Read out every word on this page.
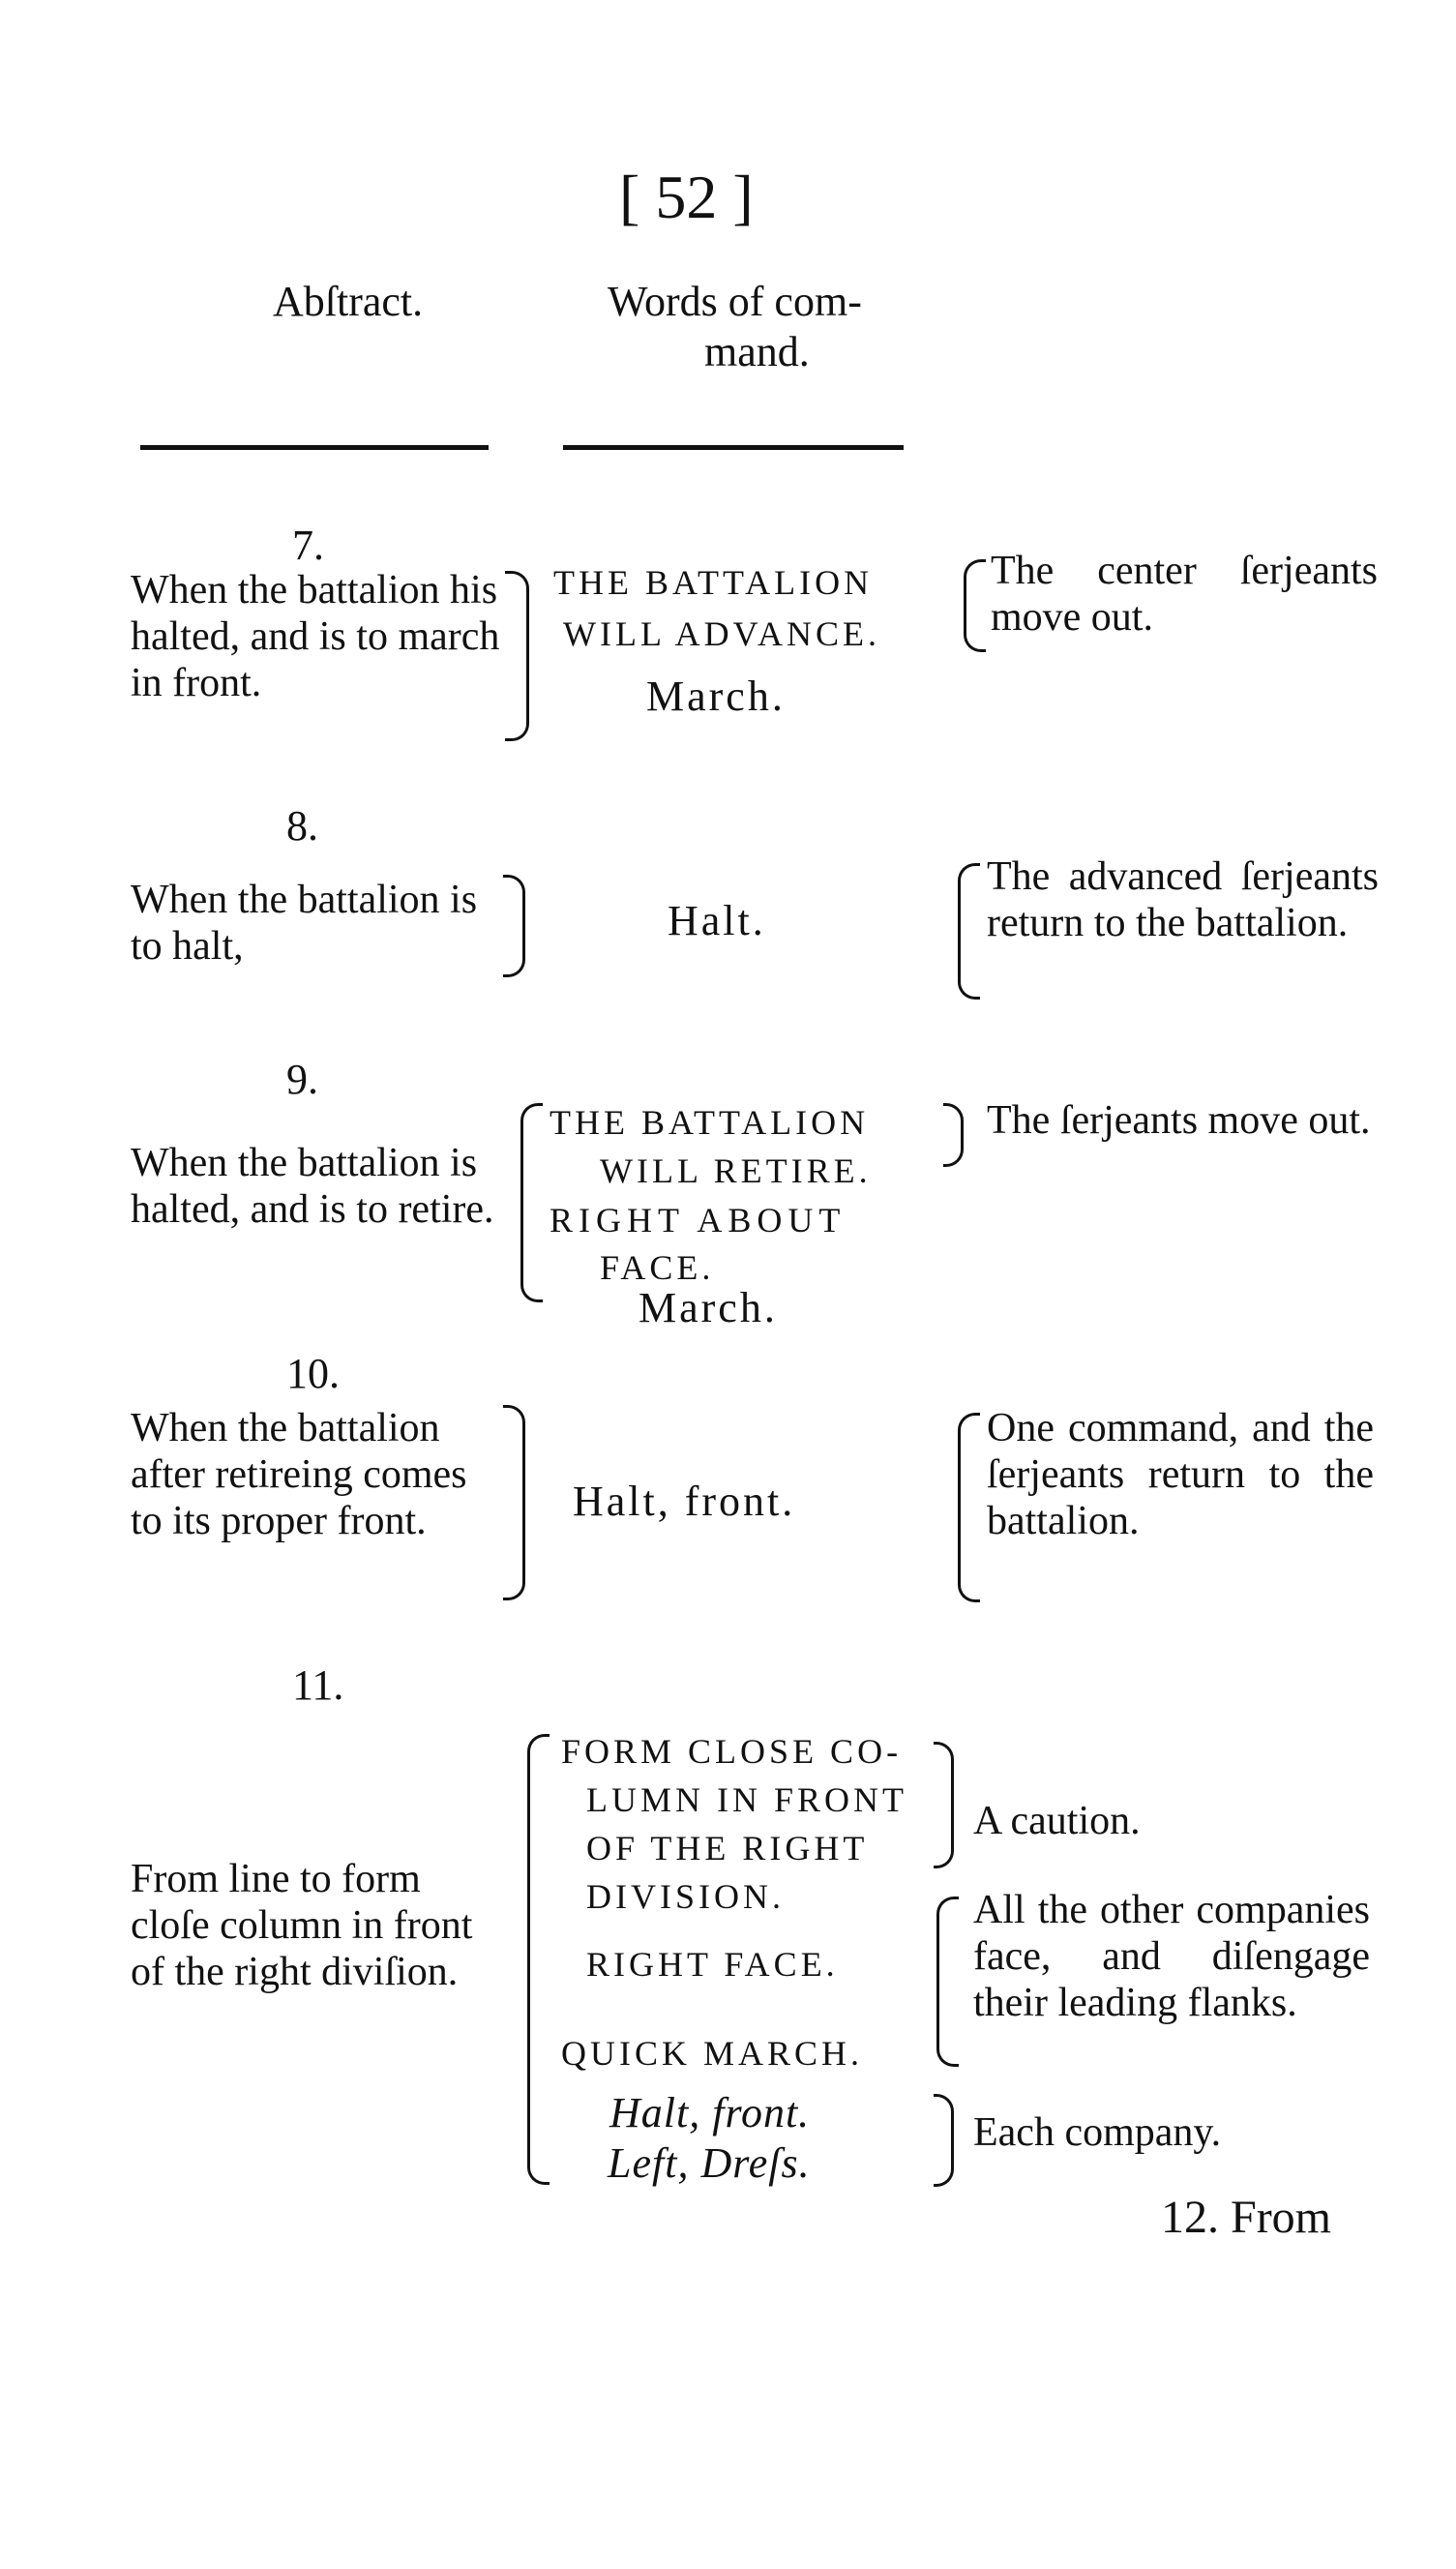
[ 52 ]
Abſtract.	Words of com-
mand.
7.
When the battalion his halted, and is to march in front.
THE BATTALION
WILL ADVANCE.
March.
The center ſerjeants move out.
8.
When the battalion is to halt,
Halt.
The advanced ſerjeants return to the battalion.
9.
When the battalion is halted, and is to retire.
THE BATTALION
WILL RETIRE.
RIGHT ABOUT
FACE.
March.
The ſerjeants move out.
10.
When the battalion after retireing comes to its proper front.	Halt, front.
One command, and the ſerjeants return to the battalion.
11.
From line to form cloſe column in front of the right diviſion.
FORM CLOSE CO-
LUMN IN FRONT
OF THE RIGHT
DIVISION.
RIGHT FACE.
QUICK MARCH.
Halt, front.
Left, Dreſs.
A caution.
All the other companies face, and diſengage their leading flanks.
Each company.
12. From
